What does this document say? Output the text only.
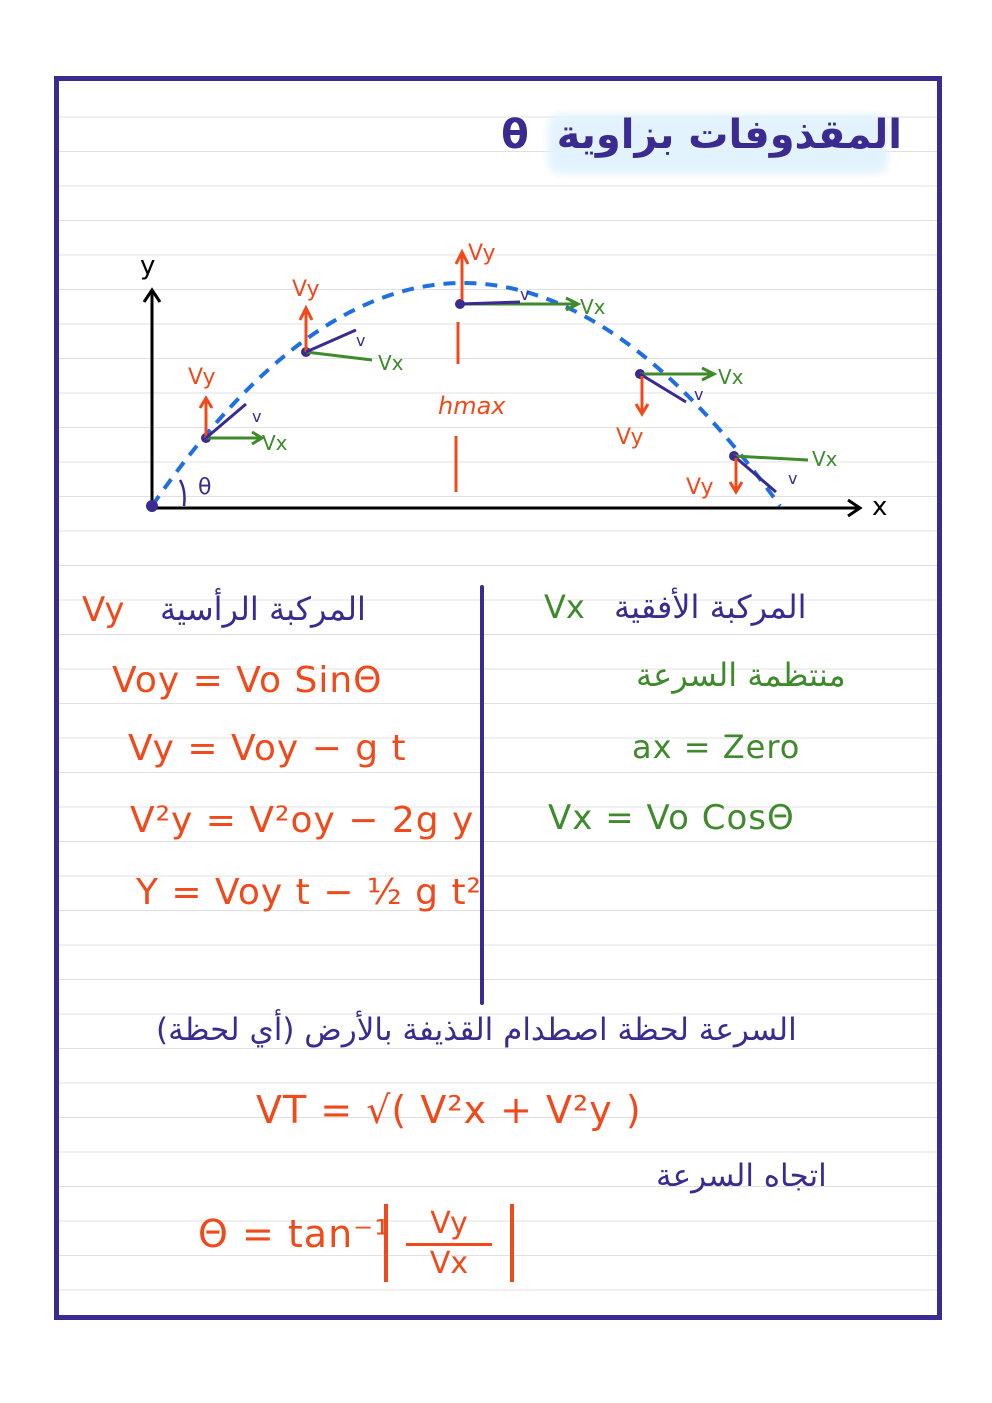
المقذوفات بزاوية θ
y
x
θ
Vy
Vx
v
Vy
Vx
v
Vy
Vx
v
hmax
Vx
v
Vy
Vx
v
Vy
Vy المركبة الرأسية
Voy = Vo SinΘ
Vy = Voy − g t
V²y = V²oy − 2g y
Y = Voy t − ½ g t²
Vx المركبة الأفقية
منتظمة السرعة
ax = Zero
Vx = Vo CosΘ
السرعة لحظة اصطدام القذيفة بالأرض (أي لحظة)
VT = √( V²x + V²y )
اتجاه السرعة
Θ = tan⁻¹	Vy
Vx
